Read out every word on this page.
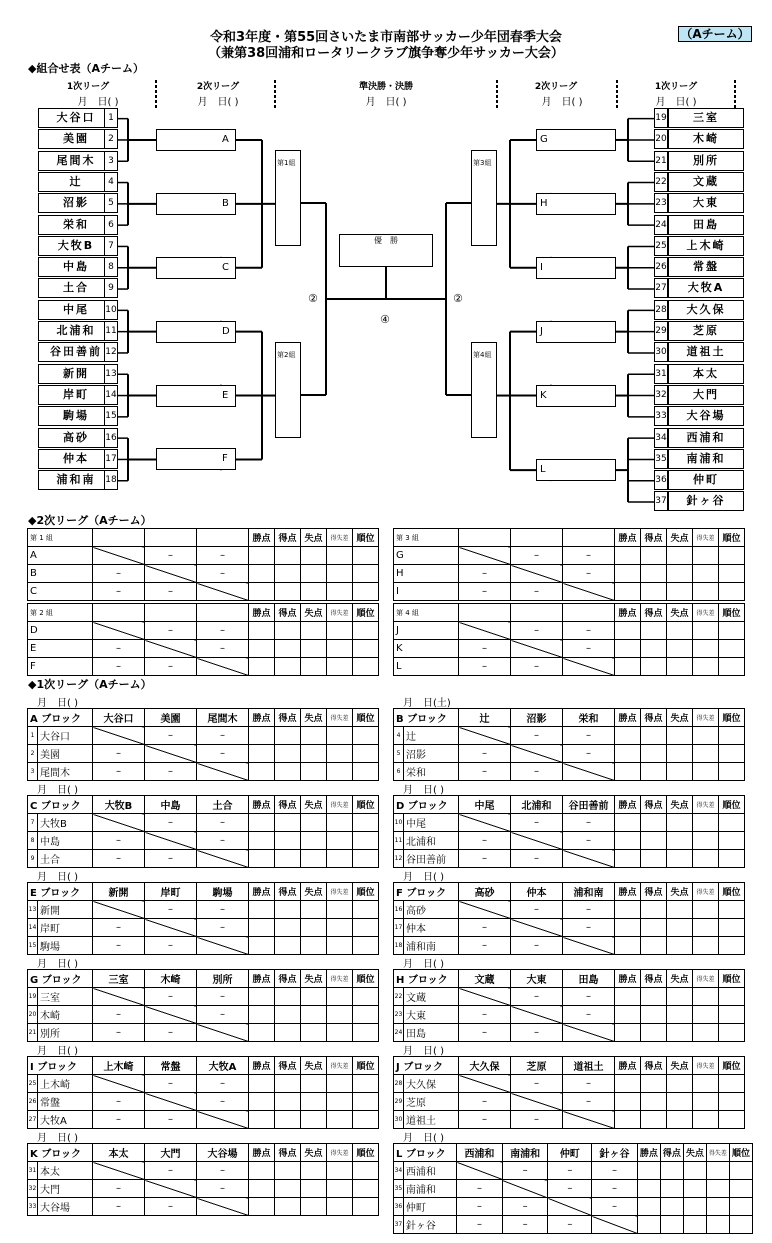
令和3年度・第55回さいたま市南部サッカー少年団春季大会
（兼第38回浦和ロータリークラブ旗争奪少年サッカー大会）
（Aチーム）
◆組合せ表（Aチーム）
1次リーグ
月　日( )
2次リーグ
月　日( )
準決勝・決勝
月　日( )
2次リーグ
月　日( )
1次リーグ
月　日( )
大谷口	1
美園	2
尾間木	3
辻	4
沼影	5
栄和	6
大牧B	7
中島	8
土合	9
中尾	10
北浦和	11
谷田善前 12
新開	13
岸町	14
駒場	15
高砂	16
仲本	17
浦和南	18
19	三室
20	木崎
21	別所
22	文蔵
23	大東
24	田島
25	上木崎
26	常盤
27	大牧A
28	大久保
29	芝原
30	道祖土
31	本太
32	大門
33	大谷場
34	西浦和
35	南浦和
36	仲町
37	針ヶ谷
A
B
C
D
E
F
G
H
I
J
K
L
第1組
第2組
第3組
第4組
優　勝
②	②
④
◆2次リーグ（Aチーム）
第 1 組				勝点	得点	失点	得失差	順位
A		–	–					
B	–		–					
C	–	–						
第 3 組				勝点	得点	失点	得失差	順位
G		–	–					
H	–		–					
I	–	–						
第 2 組				勝点	得点	失点	得失差	順位
D		–	–					
E	–		–					
F	–	–						
第 4 組				勝点	得点	失点	得失差	順位
J		–	–					
K	–		–					
L	–	–						
◆1次リーグ（Aチーム）
月　日( )
A ブロック		大谷口	美園	尾間木	勝点	得点	失点	得失差	順位
1	大谷口		–	–					
2	美園	–		–					
3	尾間木	–	–						
月　日(土)
B ブロック		辻	沼影	栄和	勝点	得点	失点	得失差	順位
4	辻		–	–					
5	沼影	–		–					
6	栄和	–	–						
月　日( )
C ブロック		大牧B	中島	土合	勝点	得点	失点	得失差	順位
7	大牧B		–	–					
8	中島	–		–					
9	土合	–	–						
月　日( )
D ブロック		中尾	北浦和	谷田善前	勝点	得点	失点	得失差	順位
10	中尾		–	–					
11	北浦和	–		–					
12	谷田善前	–	–						
月　日( )
E ブロック		新開	岸町	駒場	勝点	得点	失点	得失差	順位
13	新開		–	–					
14	岸町	–		–					
15	駒場	–	–						
月　日( )
F ブロック		高砂	仲本	浦和南	勝点	得点	失点	得失差	順位
16	高砂		–	–					
17	仲本	–		–					
18	浦和南	–	–						
月　日( )
G ブロック		三室	木崎	別所	勝点	得点	失点	得失差	順位
19	三室		–	–					
20	木崎	–		–					
21	別所	–	–						
月　日( )
H ブロック		文蔵	大東	田島	勝点	得点	失点	得失差	順位
22	文蔵		–	–					
23	大東	–		–					
24	田島	–	–						
月　日( )
I ブロック		上木崎	常盤	大牧A	勝点	得点	失点	得失差	順位
25	上木崎		–	–					
26	常盤	–		–					
27	大牧A	–	–						
月　日( )
J ブロック		大久保	芝原	道祖土	勝点	得点	失点	得失差	順位
28	大久保		–	–					
29	芝原	–		–					
30	道祖土	–	–						
月　日( )
K ブロック		本太	大門	大谷場	勝点	得点	失点	得失差	順位
31	本太		–	–					
32	大門	–		–					
33	大谷場	–	–						
月　日( )
L ブロック		西浦和	南浦和	仲町	針ヶ谷	勝点	得点	失点	得失差	順位
34	西浦和		–	–	–					
35	南浦和	–		–	–					
36	仲町	–	–		–					
37	針ヶ谷	–	–	–						
